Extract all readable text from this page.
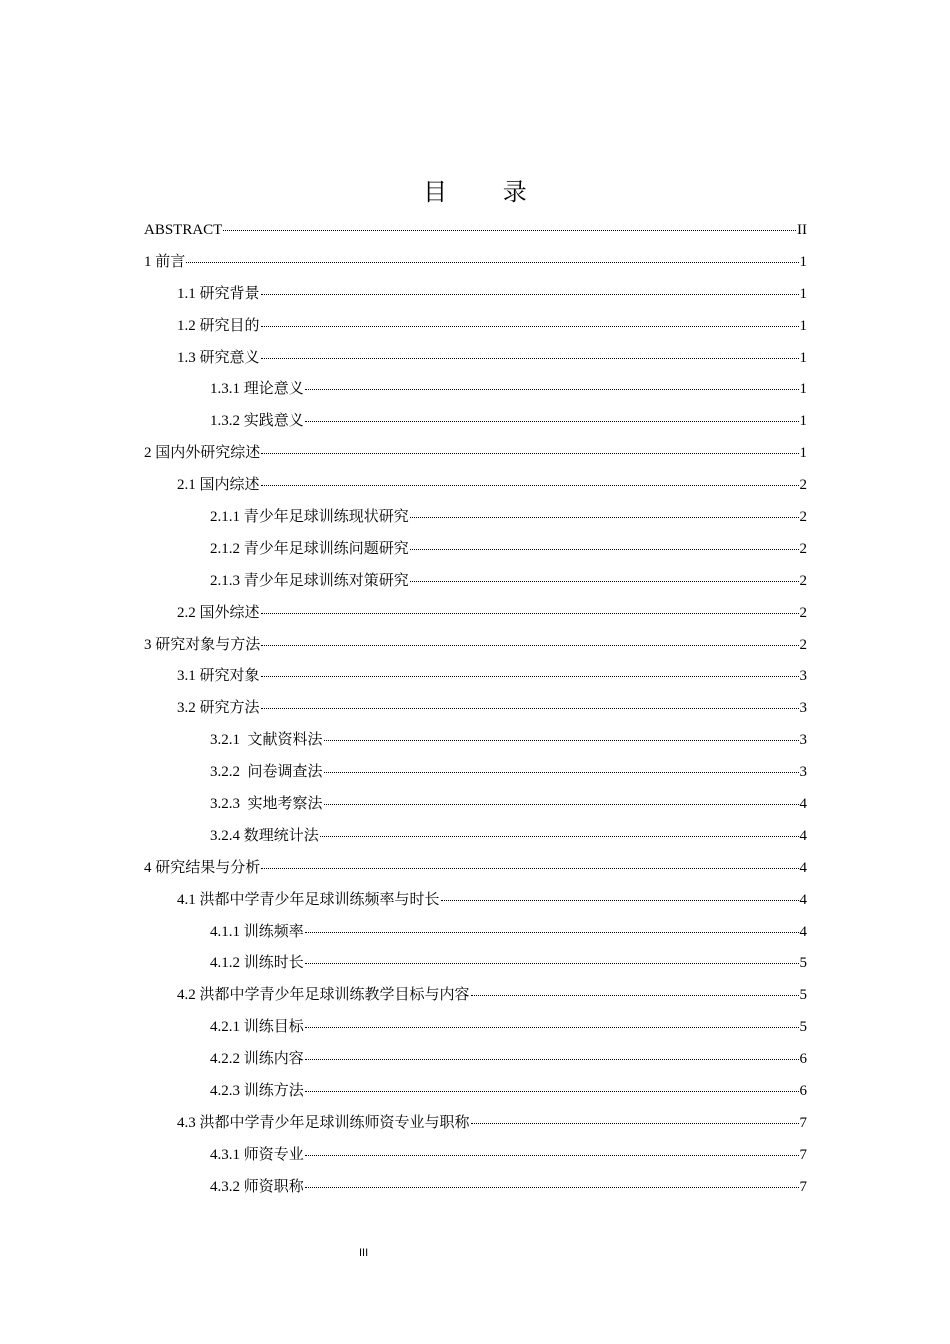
目 录
ABSTRACT	II
1 前言	1
1.1 研究背景	1
1.2 研究目的	1
1.3 研究意义	1
1.3.1 理论意义	1
1.3.2 实践意义	1
2 国内外研究综述	1
2.1 国内综述	2
2.1.1 青少年足球训练现状研究	2
2.1.2 青少年足球训练问题研究	2
2.1.3 青少年足球训练对策研究	2
2.2 国外综述	2
3 研究对象与方法	2
3.1 研究对象	3
3.2 研究方法	3
3.2.1  文献资料法	3
3.2.2  问卷调查法	3
3.2.3  实地考察法	4
3.2.4 数理统计法	4
4 研究结果与分析	4
4.1 洪都中学青少年足球训练频率与时长	4
4.1.1 训练频率	4
4.1.2 训练时长	5
4.2 洪都中学青少年足球训练教学目标与内容	5
4.2.1 训练目标	5
4.2.2 训练内容	6
4.2.3 训练方法	6
4.3 洪都中学青少年足球训练师资专业与职称	7
4.3.1 师资专业	7
4.3.2 师资职称	7
III
